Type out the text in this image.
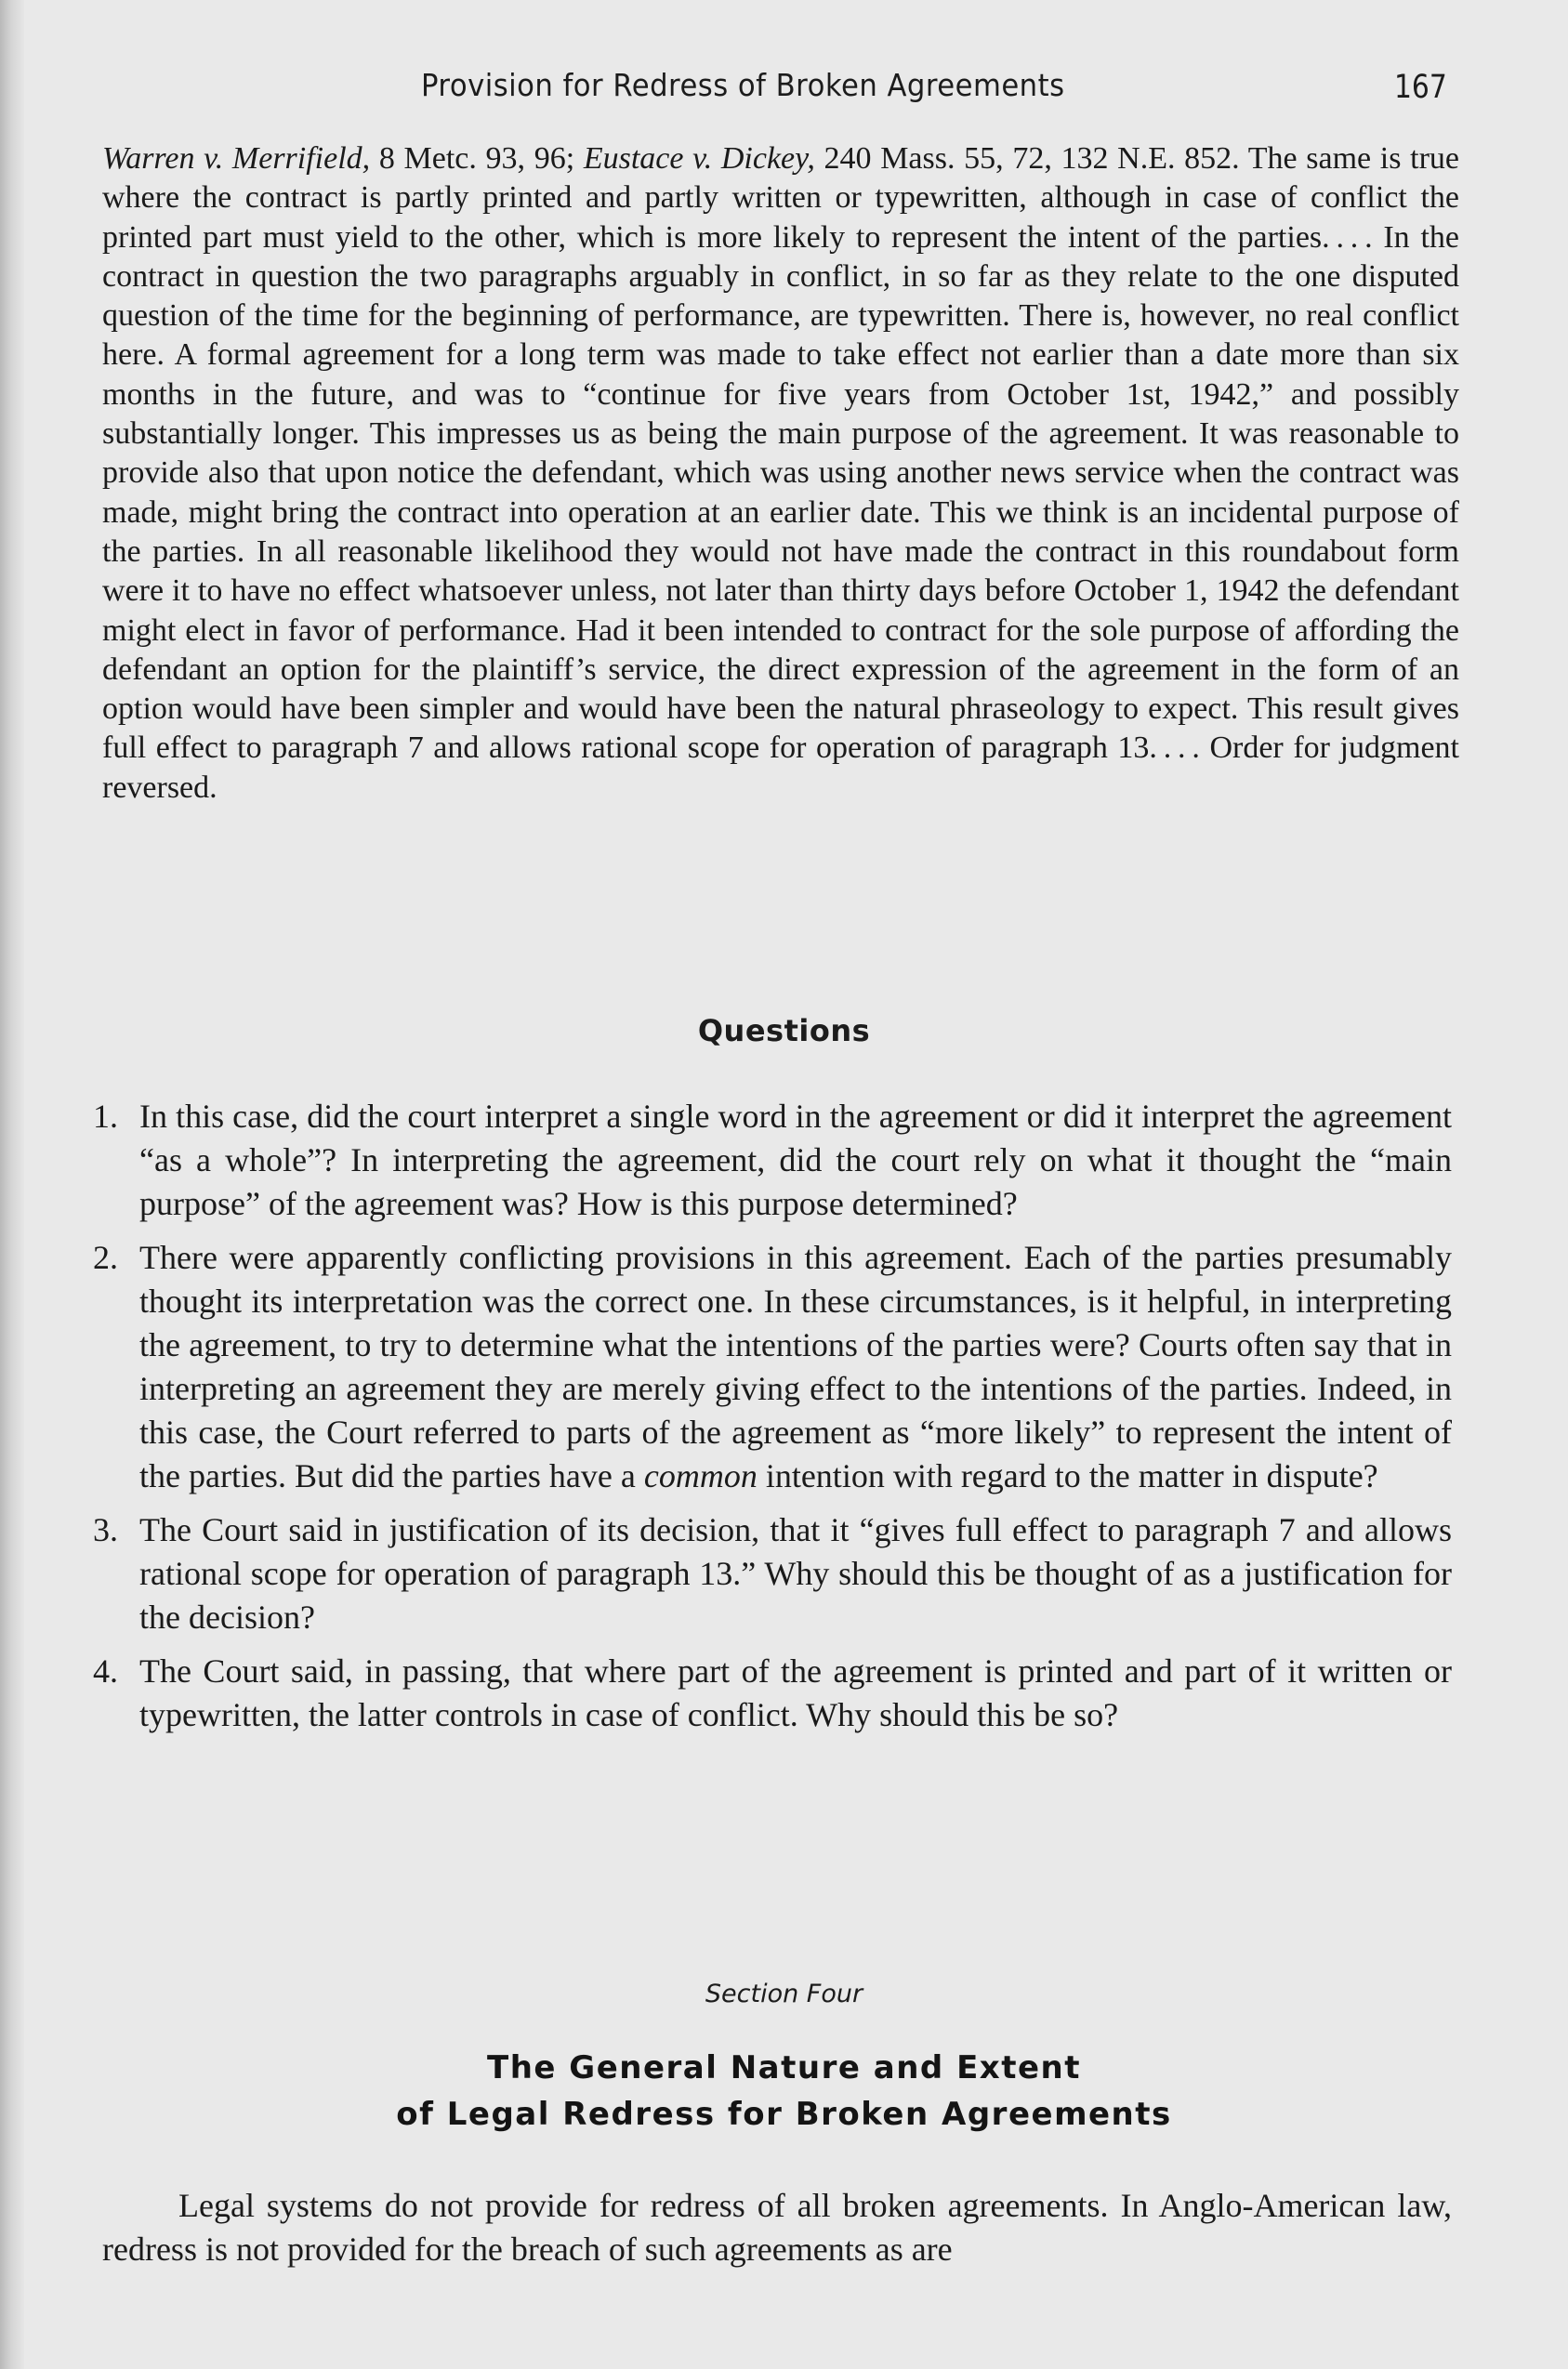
Provision for Redress of Broken Agreements	167

Warren v. Merrifield, 8 Metc. 93, 96; Eustace v. Dickey, 240 Mass. 55, 72, 132 N.E. 852. The same is true where the contract is partly printed and partly written or typewritten, although in case of conflict the printed part must yield to the other, which is more likely to represent the intent of the parties. . . . In the contract in question the two paragraphs arguably in conflict, in so far as they relate to the one disputed question of the time for the beginning of performance, are typewritten. There is, however, no real conflict here. A formal agreement for a long term was made to take effect not earlier than a date more than six months in the future, and was to “continue for five years from October 1st, 1942,” and possibly substantially longer. This impresses us as being the main purpose of the agreement. It was reasonable to provide also that upon notice the defendant, which was using another news service when the contract was made, might bring the contract into operation at an earlier date. This we think is an incidental purpose of the parties. In all reasonable likelihood they would not have made the contract in this roundabout form were it to have no effect whatsoever unless, not later than thirty days before October 1, 1942 the defendant might elect in favor of performance. Had it been intended to contract for the sole purpose of affording the defendant an option for the plaintiff’s service, the direct expression of the agreement in the form of an option would have been simpler and would have been the natural phraseology to expect. This result gives full effect to paragraph 7 and allows rational scope for operation of paragraph 13. . . . Order for judgment reversed.

Questions
1. In this case, did the court interpret a single word in the agreement or did it interpret the agreement “as a whole”? In interpreting the agreement, did the court rely on what it thought the “main purpose” of the agreement was? How is this purpose determined?
2. There were apparently conflicting provisions in this agreement. Each of the parties presumably thought its interpretation was the correct one. In these circumstances, is it helpful, in interpreting the agreement, to try to determine what the intentions of the parties were? Courts often say that in interpreting an agreement they are merely giving effect to the intentions of the parties. Indeed, in this case, the Court referred to parts of the agreement as “more likely” to represent the intent of the parties. But did the parties have a common intention with regard to the matter in dispute?
3. The Court said in justification of its decision, that it “gives full effect to paragraph 7 and allows rational scope for operation of paragraph 13.” Why should this be thought of as a justification for the decision?
4. The Court said, in passing, that where part of the agreement is printed and part of it written or typewritten, the latter controls in case of conflict. Why should this be so?
Section Four
The General Nature and Extent
of Legal Redress for Broken Agreements

Legal systems do not provide for redress of all broken agreements. In Anglo-American law, redress is not provided for the breach of such agreements as are
